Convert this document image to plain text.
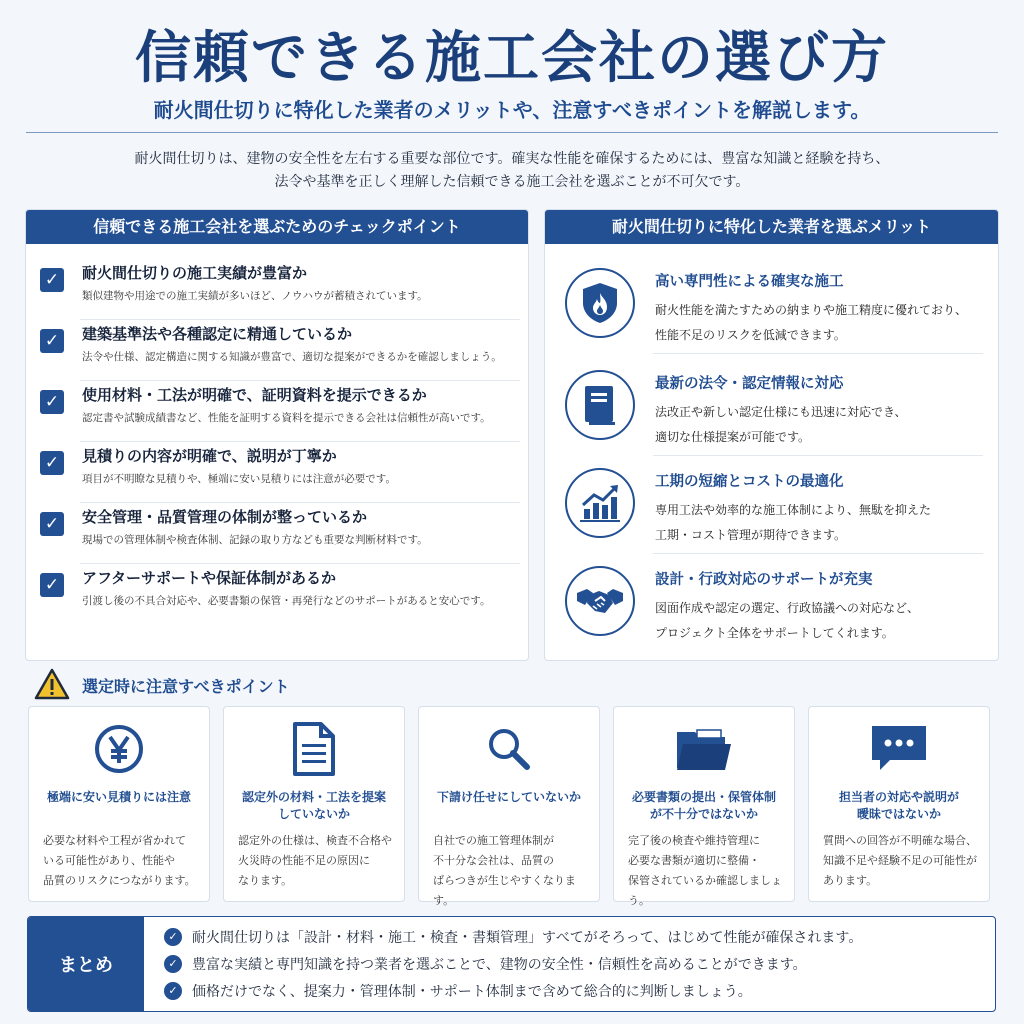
信頼できる施工会社の選び方
耐火間仕切りに特化した業者のメリットや、注意すべきポイントを解説します。
耐火間仕切りは、建物の安全性を左右する重要な部位です。確実な性能を確保するためには、豊富な知識と経験を持ち、
法令や基準を正しく理解した信頼できる施工会社を選ぶことが不可欠です。
信頼できる施工会社を選ぶためのチェックポイント
✓	耐火間仕切りの施工実績が豊富か
類似建物や用途での施工実績が多いほど、ノウハウが蓄積されています。
✓	建築基準法や各種認定に精通しているか
法令や仕様、認定構造に関する知識が豊富で、適切な提案ができるかを確認しましょう。
✓	使用材料・工法が明確で、証明資料を提示できるか
認定書や試験成績書など、性能を証明する資料を提示できる会社は信頼性が高いです。
✓	見積りの内容が明確で、説明が丁寧か
項目が不明瞭な見積りや、極端に安い見積りには注意が必要です。
✓	安全管理・品質管理の体制が整っているか
現場での管理体制や検査体制、記録の取り方なども重要な判断材料です。
✓	アフターサポートや保証体制があるか
引渡し後の不具合対応や、必要書類の保管・再発行などのサポートがあると安心です。
耐火間仕切りに特化した業者を選ぶメリット
高い専門性による確実な施工
耐火性能を満たすための納まりや施工精度に優れており、
性能不足のリスクを低減できます。
最新の法令・認定情報に対応
法改正や新しい認定仕様にも迅速に対応でき、
適切な仕様提案が可能です。
工期の短縮とコストの最適化
専用工法や効率的な施工体制により、無駄を抑えた
工期・コスト管理が期待できます。
設計・行政対応のサポートが充実
図面作成や認定の選定、行政協議への対応など、
プロジェクト全体をサポートしてくれます。
選定時に注意すべきポイント
極端に安い見積りには注意
必要な材料や工程が省かれて
いる可能性があり、性能や
品質のリスクにつながります。
認定外の材料・工法を提案
していないか
認定外の仕様は、検査不合格や
火災時の性能不足の原因に
なります。
下請け任せにしていないか
自社での施工管理体制が
不十分な会社は、品質の
ばらつきが生じやすくなります。
必要書類の提出・保管体制
が不十分ではないか
完了後の検査や維持管理に
必要な書類が適切に整備・
保管されているか確認しましょう。
担当者の対応や説明が
曖昧ではないか
質問への回答が不明確な場合、
知識不足や経験不足の可能性が
あります。
まとめ
✓	耐火間仕切りは「設計・材料・施工・検査・書類管理」すべてがそろって、はじめて性能が確保されます。
✓	豊富な実績と専門知識を持つ業者を選ぶことで、建物の安全性・信頼性を高めることができます。
✓	価格だけでなく、提案力・管理体制・サポート体制まで含めて総合的に判断しましょう。
